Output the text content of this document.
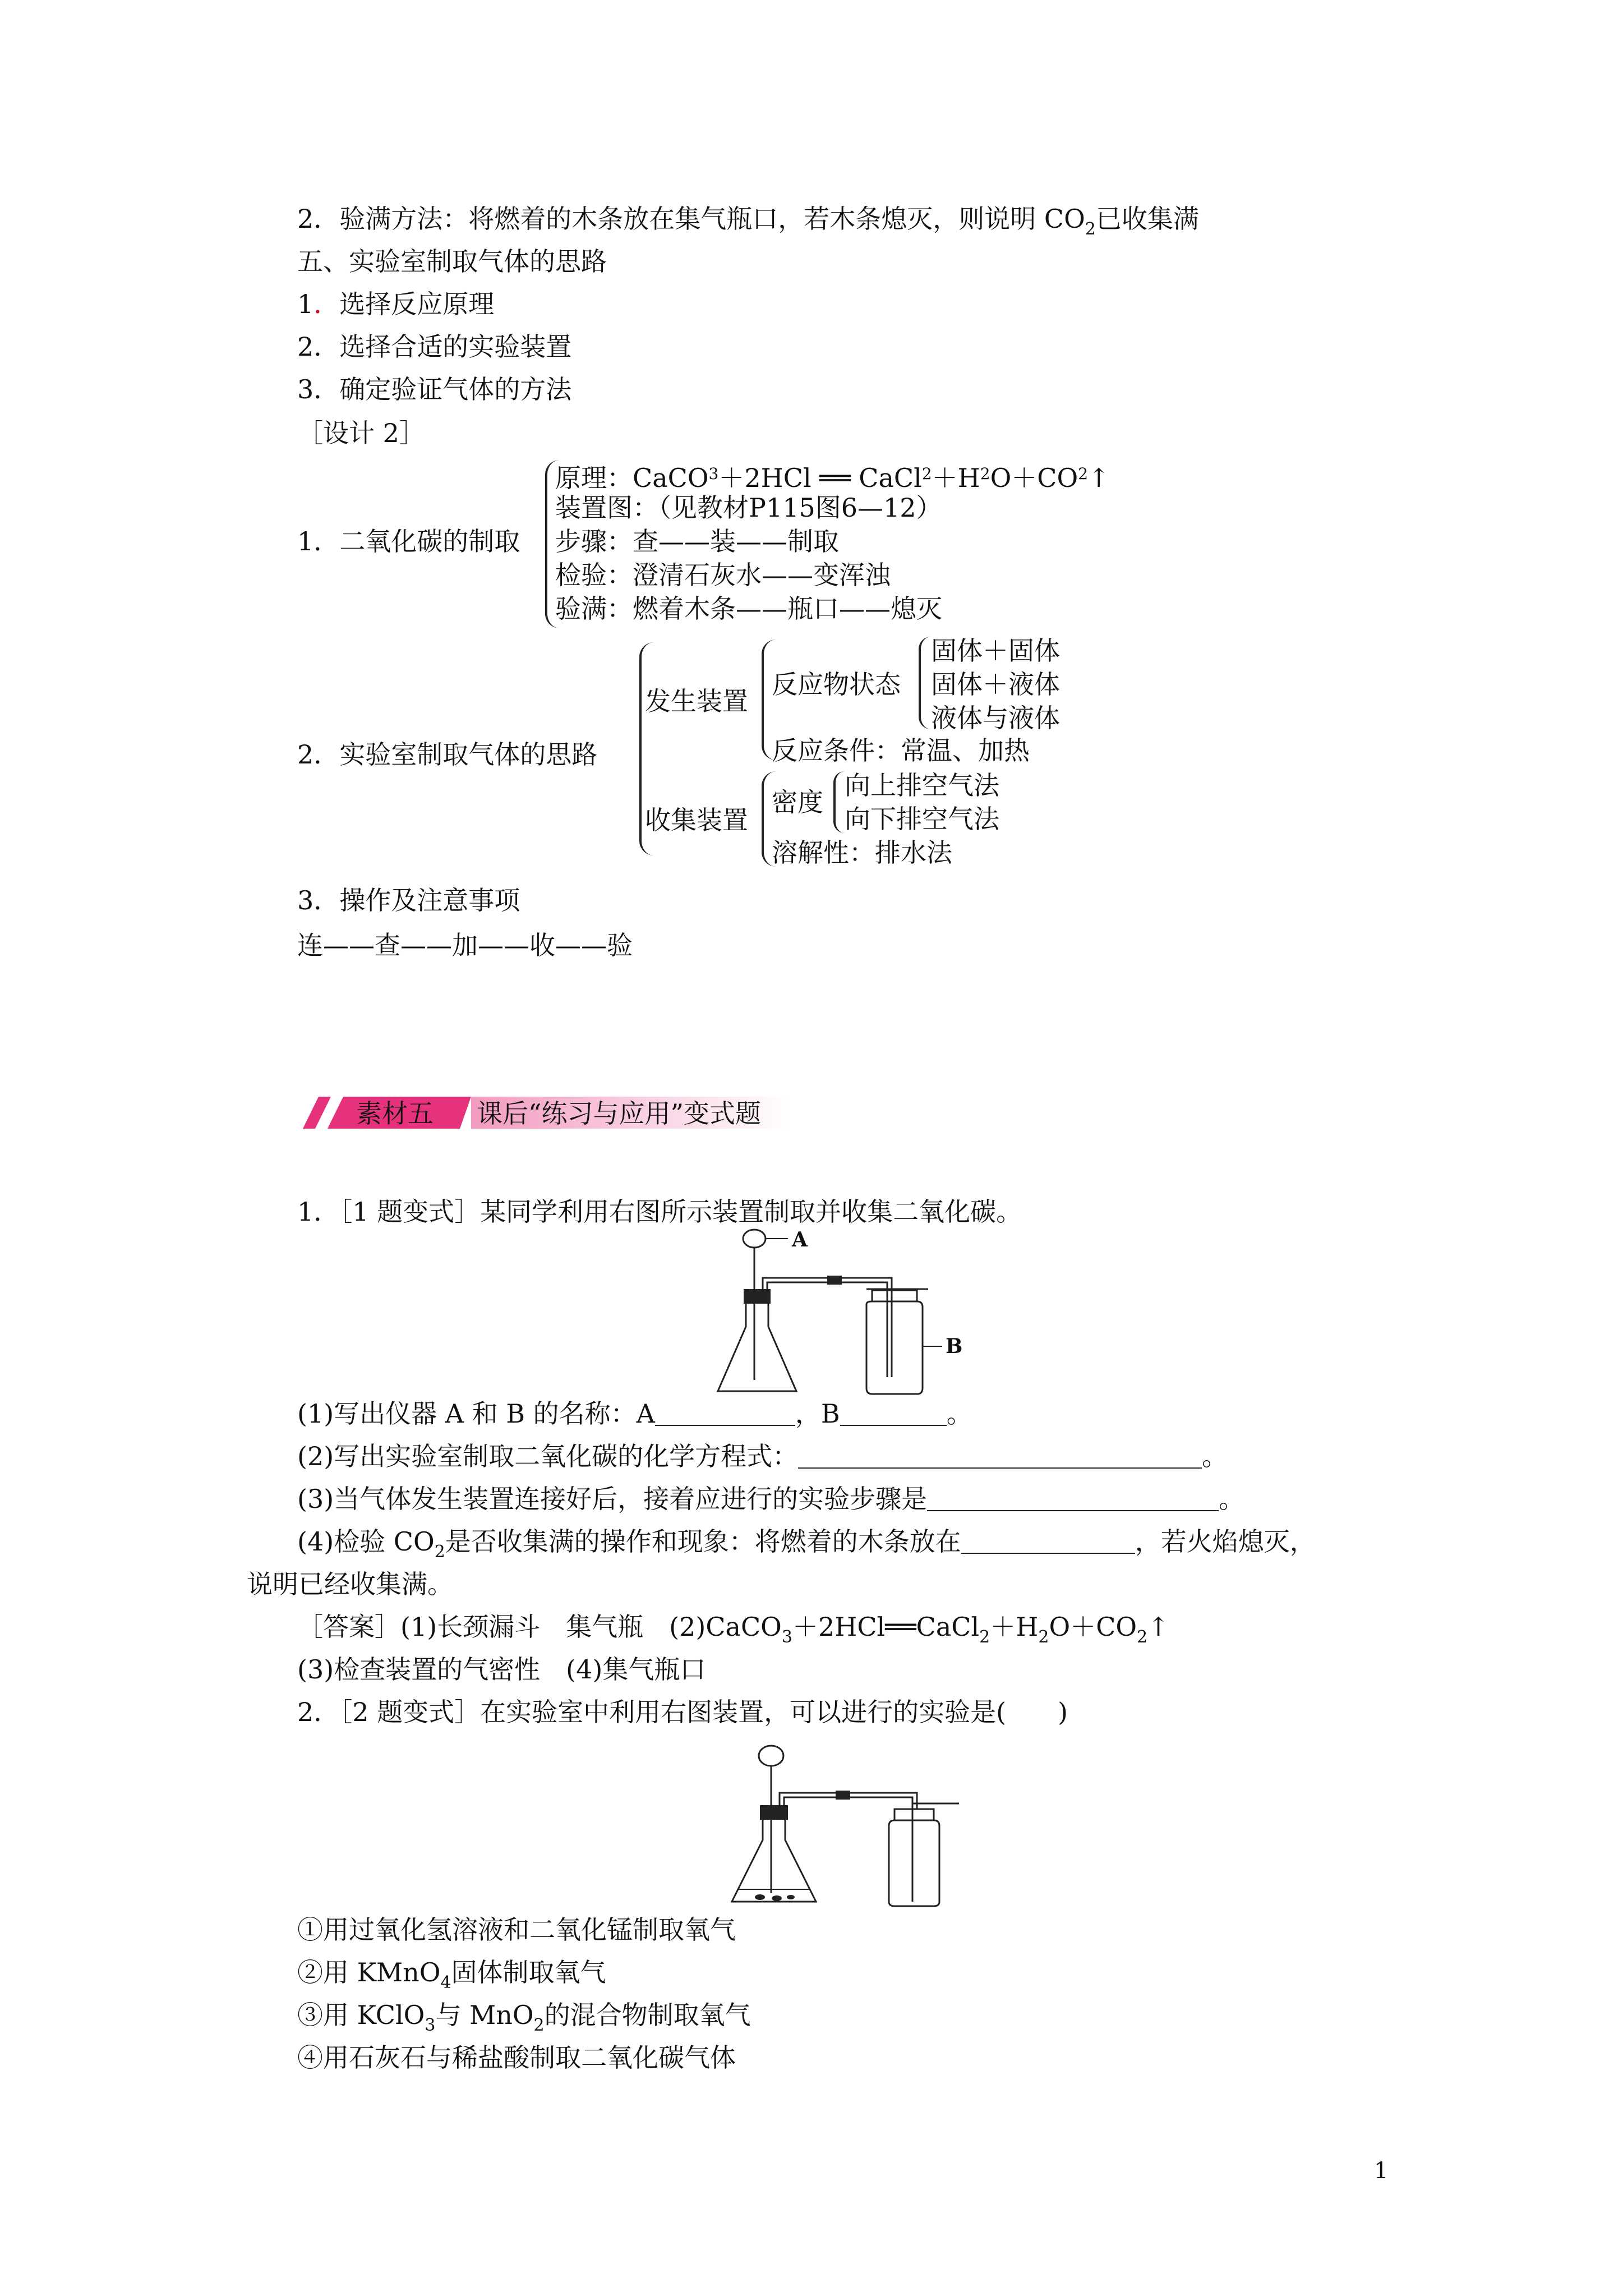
2．验满方法：将燃着的木条放在集气瓶口，若木条熄灭，则说明 $CO_2$已收集满
五、实验室制取气体的思路
1．选择反应原理
2．选择合适的实验装置
3．确定验证气体的方法
［设计 2］
1．二氧化碳的制取
原理：CaCO$^3$＋2HCl ══ $CaCl^2+H^2O+CO^2↑$
装置图：（见教材P115图6—12）
步骤：查——装——制取
检验：澄清石灰水——变浑浊
验满：燃着木条——瓶口——熄灭
2．实验室制取气体的思路
发生装置
反应物状态
固体＋固体
固体＋液体
液体与液体
反应条件：常温、加热
收集装置
密度
向上排空气法
向下排空气法
溶解性：排水法
3．操作及注意事项
连——查——加——收——验
素材五 课后“练习与应用”变式题
1．［1 题变式］某同学利用右图所示装置制取并收集二氧化碳。
A
B
(1)写出仪器 A 和 B 的名称：A	，B	。
(2)写出实验室制取二氧化碳的化学方程式：	。
(3)当气体发生装置连接好后，接着应进行的实验步骤是	。
(4)检验 $CO_2$是否收集满的操作和现象：将燃着的木条放在	，若火焰熄灭，
说明已经收集满。
［答案］(1)长颈漏斗　集气瓶　$(2)CaCO_3+2HCl══CaCl_2+H_2O+CO_2↑$
(3)检查装置的气密性　(4)集气瓶口
2．［2 题变式］在实验室中利用右图装置，可以进行的实验是(　　)
①用过氧化氢溶液和二氧化锰制取氧气
②用 KMnO$_4$固体制取氧气
③用 KClO$_3$与 MnO$_2$的混合物制取氧气
④用石灰石与稀盐酸制取二氧化碳气体
1
